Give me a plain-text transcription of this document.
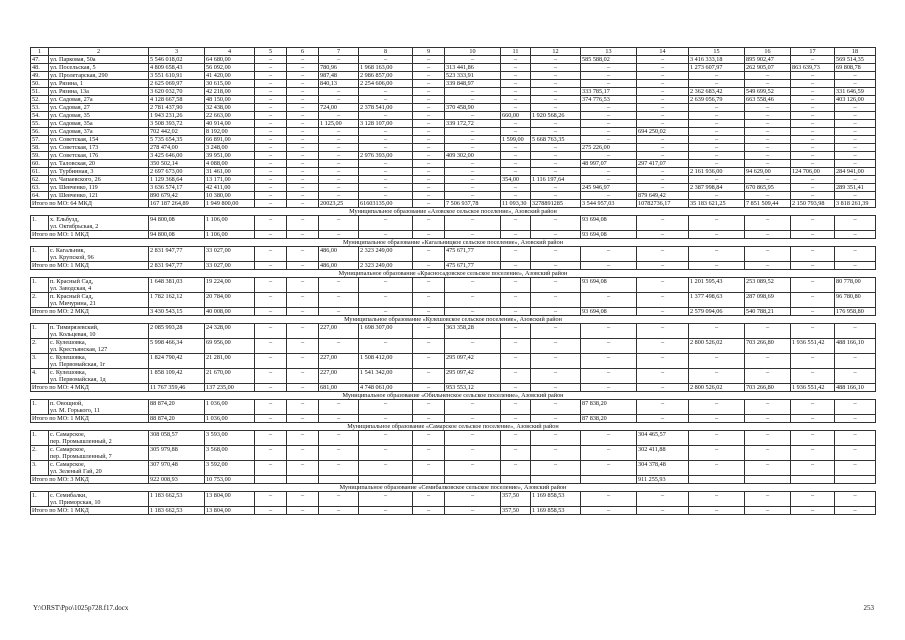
1	2	3	4	5	6	7	8	9	10	11	12	13	14	15	16	17	18
47.	ул. Парковая, 50а	5 546 018,02	64 680,00	–	–	–	–	–	–	–	–	585 588,02	–	3 416 333,18	895 902,47	–	569 514,35
48.	ул. Посельская, 5	4 809 658,43	56 092,00	–	–	780,96	1 968 163,00	–	313 441,86	–	–	–	–	1 273 607,97	262 905,07	863 639,73	69 808,78
49.	ул. Пролетарская, 290	3 551 610,91	41 420,00	–	–	987,48	2 986 857,00	–	523 333,91	–	–	–	–	–	–	–	–
50.	ул. Рязина, 1	2 625 069,97	30 615,00	–	–	840,13	2 254 606,00	–	339 848,97	–	–	–	–	–	–	–	–
51.	ул. Рязина, 13а	3 620 032,70	42 218,00	–	–	–	–	–	–	–	–	333 785,17	–	2 362 683,42	549 699,52	–	331 646,59
52.	ул. Садовая, 27а	4 128 667,58	48 150,00	–	–	–	–	–	–	–	–	374 776,53	–	2 639 056,79	663 558,46	–	403 126,00
53.	ул. Садовая, 27	2 781 437,90	32 438,00	–	–	724,00	2 378 541,00	–	370 458,90	–	–	–	–	–	–	–	–
54.	ул. Садовая, 35	1 943 231,26	22 663,00	–	–	–	–	–	–	660,00	1 920 568,26	–	–	–	–	–	–
55.	ул. Садовая, 35а	3 508 393,72	40 914,00	–	–	1 125,00	3 128 107,00	–	339 172,72	–	–	–	–	–	–	–	–
56.	ул. Садовая, 37а	702 442,02	8 192,00	–	–	–	–	–	–	–	–	–	694 250,02	–	–	–	–
57.	ул. Советская, 154	5 735 654,35	66 891,00	–	–	–	–	–	–	1 599,00	5 668 763,35	–	–	–	–	–	–
58.	ул. Советская, 173	278 474,00	3 248,00	–	–	–	–	–	–	–	–	275 226,00	–	–	–	–	–
59.	ул. Советская, 176	3 425 646,00	39 951,00	–	–	–	2 976 393,00	–	409 302,00	–	–	–	–	–	–	–	–
60.	ул. Таловская, 20	350 502,14	4 088,00	–	–	–	–	–	–	–	–	48 997,07	297 417,07	–	–	–	–
61.	ул. Турбинная, 3	2 697 673,00	31 461,00	–	–	–	–	–	–	–	–	–	–	2 161 936,00	94 629,00	124 706,00	284 941,00
62.	ул. Чапаевского, 26	1 129 368,64	13 171,00	–	–	–	–	–	–	354,00	1 116 197,64	–	–	–	–	–	–
63.	ул. Шевченко, 119	3 636 574,17	42 411,00	–	–	–	–	–	–	–	–	245 946,97	–	2 387 998,84	670 865,95	–	289 351,41
64.	ул. Шевченко, 121	890 679,42	10 380,00	–	–	–	–	–	–	–	–	–	879 649,42	–	–	–	–
Итого по МО: 64 МКД		167 187 264,89	1 949 800,00	–	–	20023,25	61603135,00	–	7 506 937,78	11 093,30	3278891285	3 544 957,03	10782736,17	35 183 621,25	7 851 509,44	2 150 793,98	3 818 261,39
Муниципальное образование «Азовское сельское поселение», Азовский район																	
1.	х. Ельбузд,
ул. Октябрьская, 2	94 800,08	1 106,00	–	–	–	–	–	–	–	–	93 694,08	–	–	–	–	–
Итого по МО: 1 МКД		94 800,08	1 106,00	–	–	–	–	–	–	–	–	93 694,08	–	–	–	–	–
Муниципальное образование «Кагальницкое сельское поселение», Азовский район																	
1.	с. Кагальник,
ул. Крупской, 96	2 831 947,77	33 027,00	–	–	486,00	2 323 249,00	–	475 671,77	–	–	–	–	–	–	–	–
Итого по МО: 1 МКД		2 831 947,77	33 027,00	–	–	486,00	2 323 249,00	–	475 671,77	–	–	–	–	–	–	–	–
Муниципальное образование «Красносадовское сельское поселение», Азовский район																	
1.	п. Красный Сад,
ул. Заводская, 4	1 648 381,03	19 224,00	–	–	–	–	–	–	–	–	93 694,08	–	1 201 595,43	253 089,52	–	80 778,00
2.	п. Красный Сад,
ул. Мичурина, 21	1 782 162,12	20 784,00	–	–	–	–	–	–	–	–	–	–	1 377 498,63	287 098,69	–	96 780,80
Итого по МО: 2 МКД		3 430 543,15	40 008,00	–	–	–	–	–	–	–	–	93 694,08	–	2 579 094,06	540 788,21	–	176 958,80
Муниципальное образование «Кулешовское сельское поселение», Азовский район																	
1.	п. Тимирязевский,
ул. Кольцевая, 10	2 085 993,28	24 328,00	–	–	227,00	1 698 307,00	–	363 358,28	–	–	–	–	–	–	–	–
2.	с. Кулешовка,
ул. Крестьянская, 127	5 998 466,34	69 956,00	–	–	–	–	–	–	–	–	–	–	2 800 526,02	703 266,80	1 936 551,42	488 166,10
3.	с. Кулешовка,
ул. Первомайская, 1г	1 824 790,42	21 281,00	–	–	227,00	1 508 412,00	–	295 097,42	–	–	–	–	–	–	–	–
4.	с. Кулешовка,
ул. Первомайская, 1д	1 858 109,42	21 670,00	–	–	227,00	1 541 342,00	–	295 097,42	–	–	–	–	–	–	–	–
Итого по МО: 4 МКД		11 767 359,46	137 235,00	–	–	681,00	4 748 061,00	–	953 553,12	–	–	–	–	2 800 526,02	703 266,80	1 936 551,42	488 166,10
Муниципальное образование «Обильненское сельское поселение», Азовский район																	
1.	п. Овощной,
ул. М. Горького, 11	88 874,20	1 036,00	–	–	–	–	–	–	–	–	87 838,20	–	–	–	–	–
Итого по МО: 1 МКД		88 874,20	1 036,00	–	–	–	–	–	–	–	–	87 838,20	–	–	–	–	–
Муниципальное образование «Самарское сельское поселение», Азовский район																	
1.	с. Самарское,
пер. Промышленный, 2	308 058,57	3 593,00	–	–	–	–	–	–	–	–	–	304 465,57	–	–	–	–
2.	с. Самарское,
пер. Промышленный, 7	305 979,88	3 568,00	–	–	–	–	–	–	–	–	–	302 411,88	–	–	–	–
3.	с. Самарское,
ул. Зеленый Гай, 20	307 970,48	3 592,00	–	–	–	–	–	–	–	–	–	304 378,48	–	–	–	–
Итого по МО: 3 МКД		922 008,93	10 753,00										911 255,93				
Муниципальное образование «Семибалковское сельское поселение», Азовский район																	
1.	с. Семибалки,
ул. Приморская, 10	1 183 662,53	13 804,00	–	–	–	–	–	–	357,50	1 169 858,53	–	–	–	–	–	–
Итого по МО: 1 МКД		1 183 662,53	13 804,00	–	–	–	–	–	–	357,50	1 169 858,53	–	–	–	–	–	–
Y:\ORST\Ppo\1025p728.f17.docx	253
